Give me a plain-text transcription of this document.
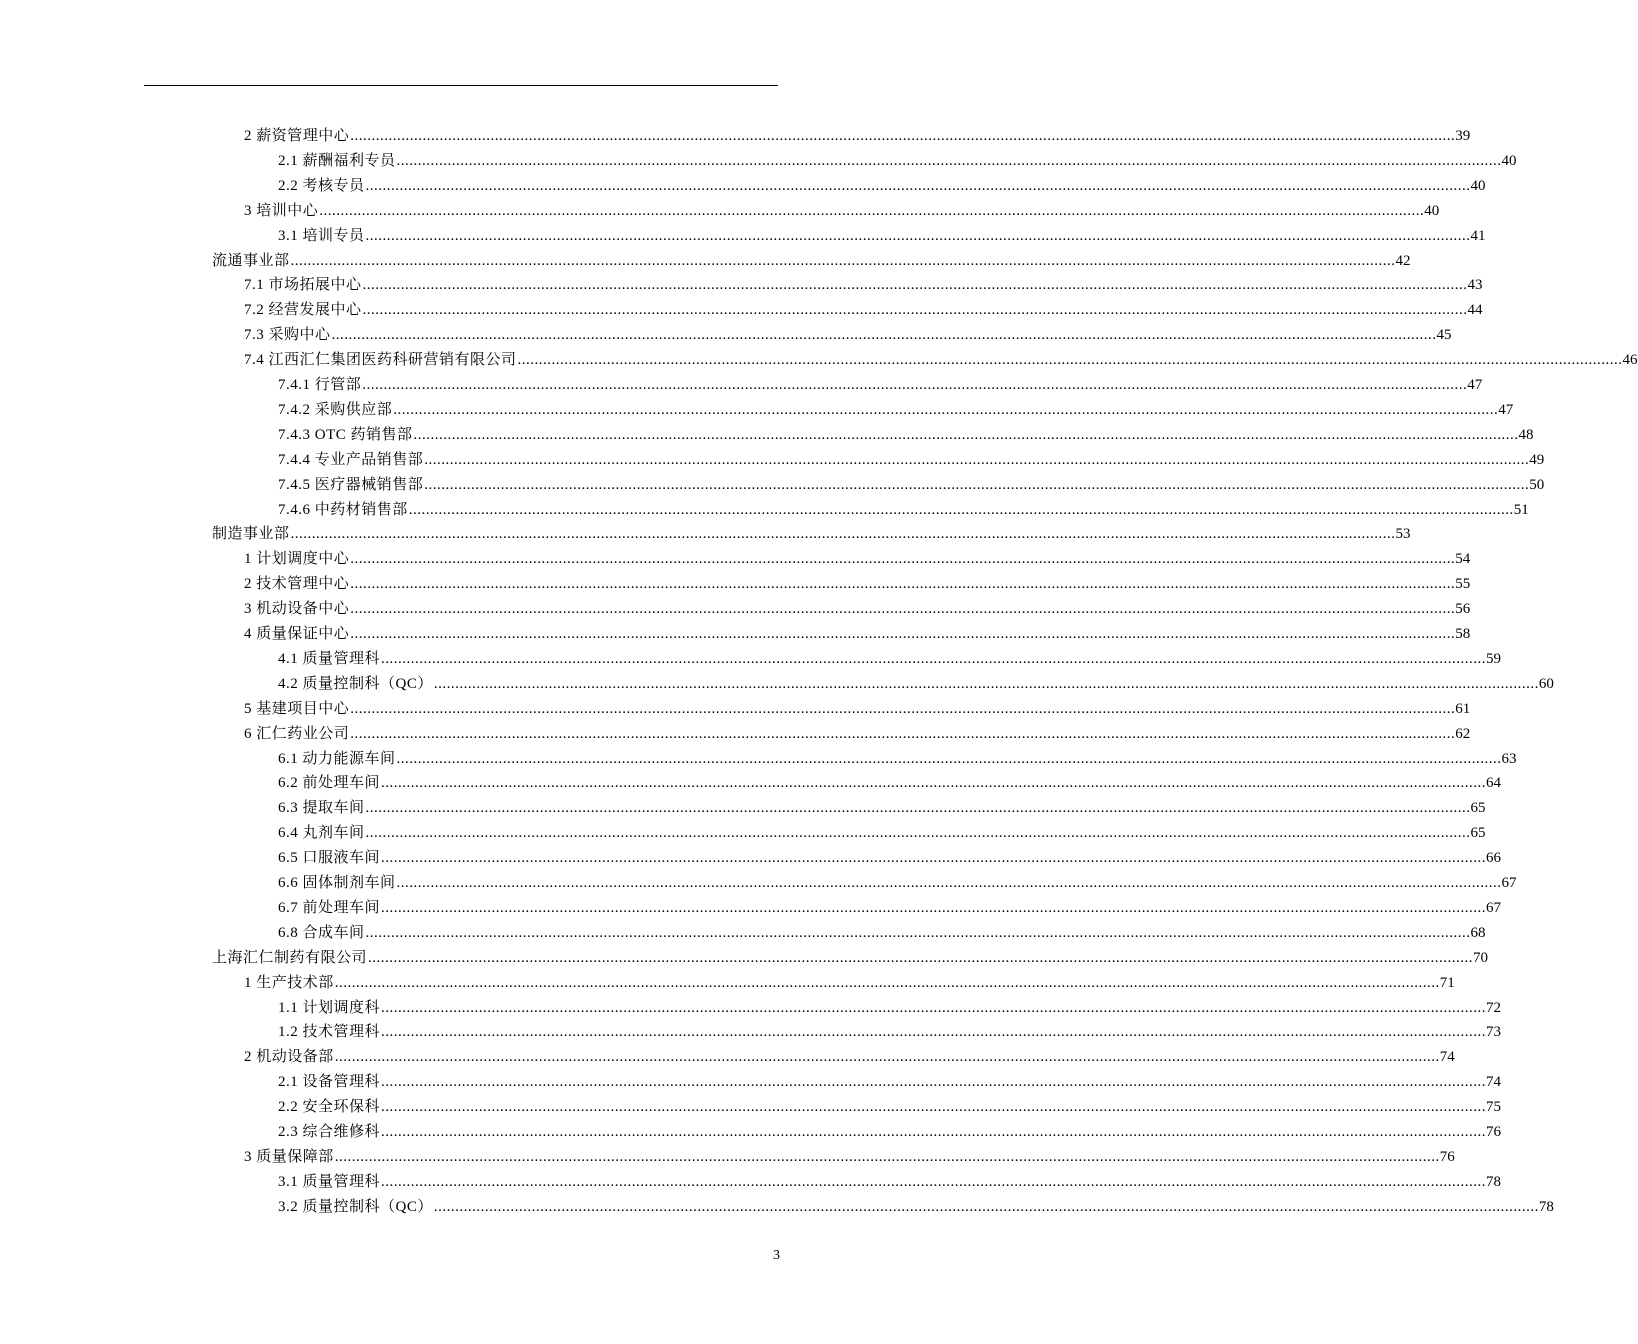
2 薪资管理中心 .................................................................................................................................................................................................................................................................... 39
2.1 薪酬福利专员 .................................................................................................................................................................................................................................................................... 40
2.2 考核专员 .................................................................................................................................................................................................................................................................... 40
3 培训中心 .................................................................................................................................................................................................................................................................... 40
3.1 培训专员 .................................................................................................................................................................................................................................................................... 41
流通事业部 .................................................................................................................................................................................................................................................................... 42
7.1 市场拓展中心 .................................................................................................................................................................................................................................................................... 43
7.2 经营发展中心 .................................................................................................................................................................................................................................................................... 44
7.3 采购中心 .................................................................................................................................................................................................................................................................... 45
7.4 江西汇仁集团医药科研营销有限公司 .................................................................................................................................................................................................................................................................... 46
7.4.1 行管部 .................................................................................................................................................................................................................................................................... 47
7.4.2 采购供应部 .................................................................................................................................................................................................................................................................... 47
7.4.3 OTC 药销售部 .................................................................................................................................................................................................................................................................... 48
7.4.4 专业产品销售部 .................................................................................................................................................................................................................................................................... 49
7.4.5 医疗器械销售部 .................................................................................................................................................................................................................................................................... 50
7.4.6 中药材销售部 .................................................................................................................................................................................................................................................................... 51
制造事业部 .................................................................................................................................................................................................................................................................... 53
1 计划调度中心 .................................................................................................................................................................................................................................................................... 54
2 技术管理中心 .................................................................................................................................................................................................................................................................... 55
3 机动设备中心 .................................................................................................................................................................................................................................................................... 56
4 质量保证中心 .................................................................................................................................................................................................................................................................... 58
4.1 质量管理科 .................................................................................................................................................................................................................................................................... 59
4.2 质量控制科（QC） .................................................................................................................................................................................................................................................................... 60
5 基建项目中心 .................................................................................................................................................................................................................................................................... 61
6 汇仁药业公司 .................................................................................................................................................................................................................................................................... 62
6.1 动力能源车间 .................................................................................................................................................................................................................................................................... 63
6.2 前处理车间 .................................................................................................................................................................................................................................................................... 64
6.3 提取车间 .................................................................................................................................................................................................................................................................... 65
6.4 丸剂车间 .................................................................................................................................................................................................................................................................... 65
6.5 口服液车间 .................................................................................................................................................................................................................................................................... 66
6.6 固体制剂车间 .................................................................................................................................................................................................................................................................... 67
6.7 前处理车间 .................................................................................................................................................................................................................................................................... 67
6.8 合成车间 .................................................................................................................................................................................................................................................................... 68
上海汇仁制药有限公司 .................................................................................................................................................................................................................................................................... 70
1 生产技术部 .................................................................................................................................................................................................................................................................... 71
1.1 计划调度科 .................................................................................................................................................................................................................................................................... 72
1.2 技术管理科 .................................................................................................................................................................................................................................................................... 73
2 机动设备部 .................................................................................................................................................................................................................................................................... 74
2.1 设备管理科 .................................................................................................................................................................................................................................................................... 74
2.2 安全环保科 .................................................................................................................................................................................................................................................................... 75
2.3 综合维修科 .................................................................................................................................................................................................................................................................... 76
3 质量保障部 .................................................................................................................................................................................................................................................................... 76
3.1 质量管理科 .................................................................................................................................................................................................................................................................... 78
3.2 质量控制科（QC） .................................................................................................................................................................................................................................................................... 78
3
